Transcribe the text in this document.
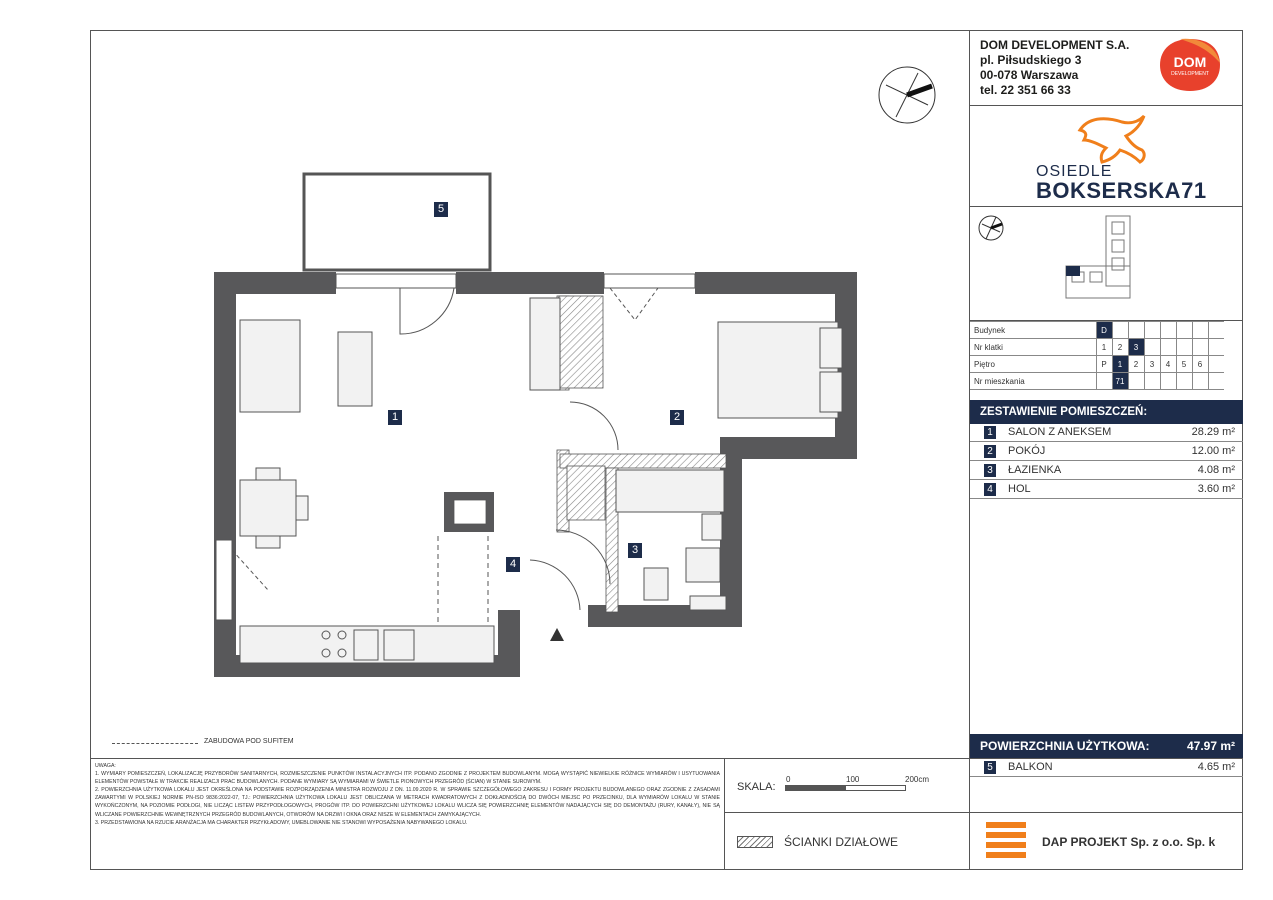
1	2
3
4
5
DOM DEVELOPMENT S.A.
pl. Piłsudskiego 3
00-078 Warszawa
tel. 22 351 66 33
DOM
DEVELOPMENT
OSIEDLE
BOKSERSKA71
Budynek	D							
Nr klatki	1	2	3					
Piętro	P	1	2	3	4	5	6	
Nr mieszkania		71						
ZESTAWIENIE POMIESZCZEŃ:
1 SALON Z ANEKSEM	28.29 m²
2 POKÓJ	12.00 m²
3 ŁAZIENKA	4.08 m²
4 HOL	3.60 m²
POWIERZCHNIA UŻYTKOWA:	47.97 m²
5 BALKON	4.65 m²
ZABUDOWA POD SUFITEM
UWAGA:
1. WYMIARY POMIESZCZEŃ, LOKALIZACJĘ PRZYBORÓW SANITARNYCH, ROZMIESZCZENIE PUNKTÓW INSTALACYJNYCH ITP. PODANO ZGODNIE Z PROJEKTEM BUDOWLANYM. MOGĄ WYSTĄPIĆ NIEWIELKIE RÓŻNICE WYMIARÓW I USYTUOWANIA ELEMENTÓW POWSTAŁE W TRAKCIE REALIZACJI PRAC BUDOWLANYCH. PODANE WYMIARY SĄ WYMIARAMI W ŚWIETLE PIONOWYCH PRZEGRÓD (ŚCIAN) W STANIE SUROWYM.
2. POWIERZCHNIA UŻYTKOWA LOKALU JEST OKREŚLONA NA PODSTAWIE ROZPORZĄDZENIA MINISTRA ROZWOJU Z DN. 11.09.2020 R. W SPRAWIE SZCZEGÓŁOWEGO ZAKRESU I FORMY PROJEKTU BUDOWLANEGO ORAZ ZGODNIE Z ZASADAMI ZAWARTYMI W POLSKIEJ NORMIE PN-ISO 9836:2022-07, TJ.: POWIERZCHNIA UŻYTKOWA LOKALU JEST OBLICZANA W METRACH KWADRATOWYCH Z DOKŁADNOŚCIĄ DO DWÓCH MIEJSC PO PRZECINKU, DLA WYMIARÓW LOKALU W STANIE WYKOŃCZONYM, NA POZIOMIE PODŁOGI, NIE LICZĄC LISTEW PRZYPODŁOGOWYCH, PROGÓW ITP. DO POWIERZCHNI UŻYTKOWEJ LOKALU WLICZA SIĘ POWIERZCHNIĘ ELEMENTÓW NADAJĄCYCH SIĘ DO DEMONTAŻU (RURY, KANAŁY), NIE SĄ WLICZANE POWIERZCHNIE WEWNĘTRZNYCH PRZEGRÓD BUDOWLANYCH, OTWORÓW NA DRZWI I OKNA ORAZ NISZE W ELEMENTACH ZAMYKAJĄCYCH.
3. PRZEDSTAWIONA NA RZUCIE ARANŻACJA MA CHARAKTER PRZYKŁADOWY, UMEBLOWANIE NIE STANOWI WYPOSAŻENIA NABYWANEGO LOKALU.
SKALA:
0	100	200cm
ŚCIANKI DZIAŁOWE	DAP PROJEKT Sp. z o.o. Sp. k
